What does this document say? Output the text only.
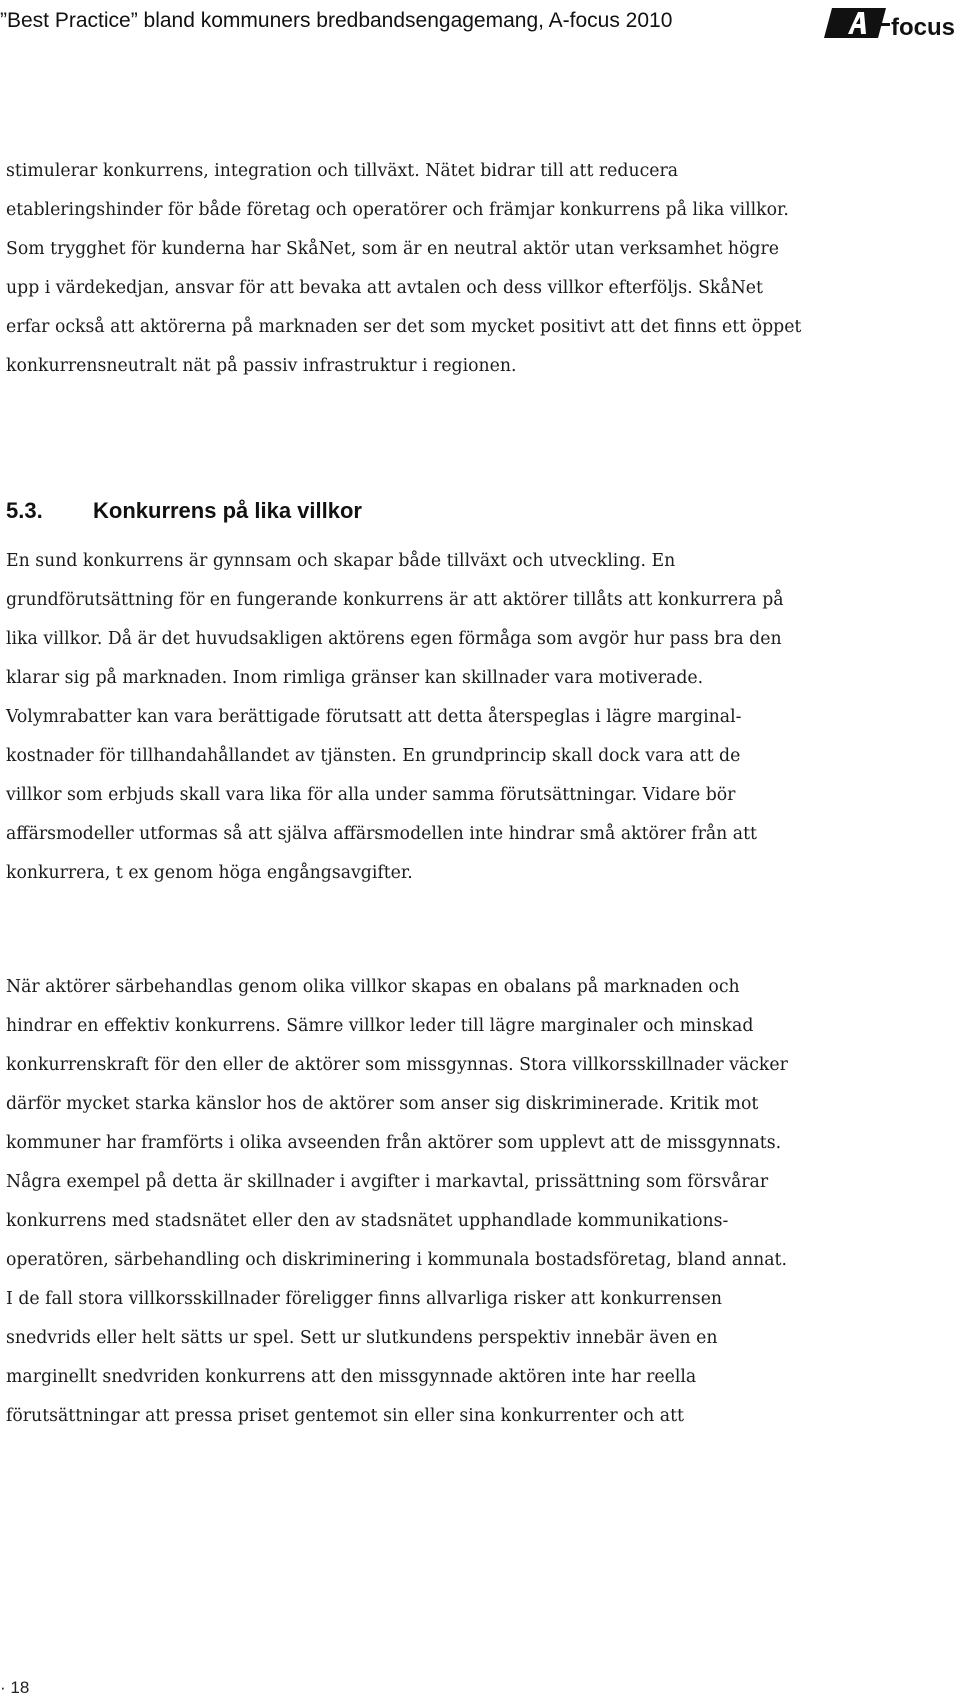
”Best Practice” bland kommuners bredbandsengagemang, A-focus 2010	focus

stimulerar konkurrens, integration och tillväxt. Nätet bidrar till att reducera
etableringshinder för både företag och operatörer och främjar konkurrens på lika villkor.
Som trygghet för kunderna har SkåNet, som är en neutral aktör utan verksamhet högre
upp i värdekedjan, ansvar för att bevaka att avtalen och dess villkor efterföljs. SkåNet
erfar också att aktörerna på marknaden ser det som mycket positivt att det finns ett öppet
konkurrensneutralt nät på passiv infrastruktur i regionen.

5.3. Konkurrens på lika villkor

En sund konkurrens är gynnsam och skapar både tillväxt och utveckling. En
grundförutsättning för en fungerande konkurrens är att aktörer tillåts att konkurrera på
lika villkor. Då är det huvudsakligen aktörens egen förmåga som avgör hur pass bra den
klarar sig på marknaden. Inom rimliga gränser kan skillnader vara motiverade.
Volymrabatter kan vara berättigade förutsatt att detta återspeglas i lägre marginal-
kostnader för tillhandahållandet av tjänsten. En grundprincip skall dock vara att de
villkor som erbjuds skall vara lika för alla under samma förutsättningar. Vidare bör
affärsmodeller utformas så att själva affärsmodellen inte hindrar små aktörer från att
konkurrera, t ex genom höga engångsavgifter.

När aktörer särbehandlas genom olika villkor skapas en obalans på marknaden och
hindrar en effektiv konkurrens. Sämre villkor leder till lägre marginaler och minskad
konkurrenskraft för den eller de aktörer som missgynnas. Stora villkorsskillnader väcker
därför mycket starka känslor hos de aktörer som anser sig diskriminerade. Kritik mot
kommuner har framförts i olika avseenden från aktörer som upplevt att de missgynnats.
Några exempel på detta är skillnader i avgifter i markavtal, prissättning som försvårar
konkurrens med stadsnätet eller den av stadsnätet upphandlade kommunikations-
operatören, särbehandling och diskriminering i kommunala bostadsföretag, bland annat.
I de fall stora villkorsskillnader föreligger finns allvarliga risker att konkurrensen
snedvrids eller helt sätts ur spel. Sett ur slutkundens perspektiv innebär även en
marginellt snedvriden konkurrens att den missgynnade aktören inte har reella
förutsättningar att pressa priset gentemot sin eller sina konkurrenter och att

· 18
